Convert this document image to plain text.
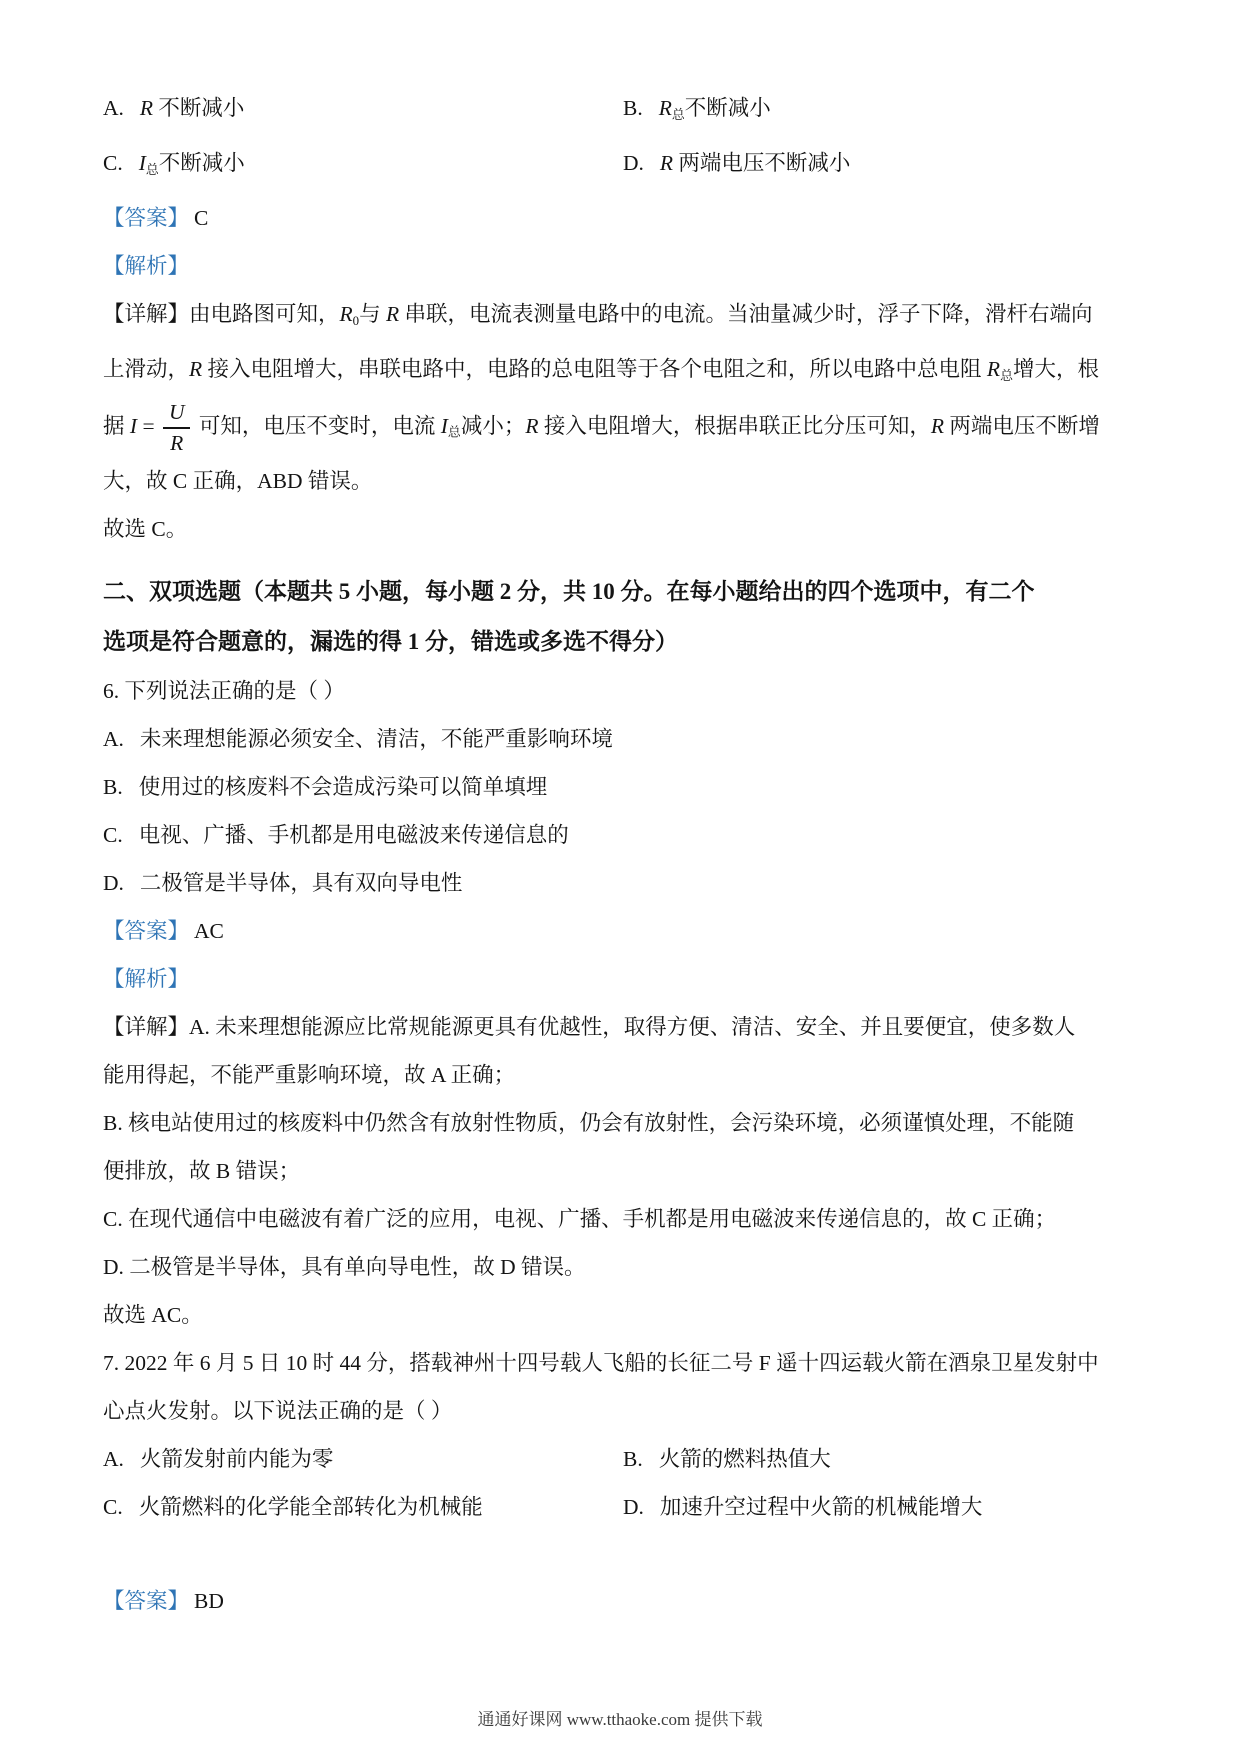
A. R 不断减小	B. R总不断减小

C. I总不断减小	D. R 两端电压不断减小

【答案】 C

【解析】

【详解】由电路图可知，R0与 R 串联，电流表测量电路中的电流。当油量减少时，浮子下降，滑杆右端向

上滑动，R 接入电阻增大，串联电路中，电路的总电阻等于各个电阻之和，所以电路中总电阻 R总增大，根

据 $I = \frac{U}{R}$ 可知，电压不变时，电流 I总减小；R 接入电阻增大，根据串联正比分压可知，R 两端电压不断增

大，故 C 正确，ABD 错误。

故选 C。

二、双项选题（本题共 5 小题，每小题 2 分，共 10 分。在每小题给出的四个选项中，有二个
选项是符合题意的，漏选的得 1 分，错选或多选不得分）

6. 下列说法正确的是（ ）

A. 未来理想能源必须安全、清洁，不能严重影响环境

B. 使用过的核废料不会造成污染可以简单填埋

C. 电视、广播、手机都是用电磁波来传递信息的

D. 二极管是半导体，具有双向导电性

【答案】 AC

【解析】

【详解】A. 未来理想能源应比常规能源更具有优越性，取得方便、清洁、安全、并且要便宜，使多数人

能用得起，不能严重影响环境，故 A 正确；

B. 核电站使用过的核废料中仍然含有放射性物质，仍会有放射性，会污染环境，必须谨慎处理，不能随

便排放，故 B 错误；

C. 在现代通信中电磁波有着广泛的应用，电视、广播、手机都是用电磁波来传递信息的，故 C 正确；

D. 二极管是半导体，具有单向导电性，故 D 错误。

故选 AC。

7. 2022 年 6 月 5 日 10 时 44 分，搭载神州十四号载人飞船的长征二号 F 遥十四运载火箭在酒泉卫星发射中

心点火发射。以下说法正确的是（ ）

A. 火箭发射前内能为零	B. 火箭的燃料热值大

C. 火箭燃料的化学能全部转化为机械能	D. 加速升空过程中火箭的机械能增大

【答案】 BD

通通好课网 www.tthaoke.com 提供下载
